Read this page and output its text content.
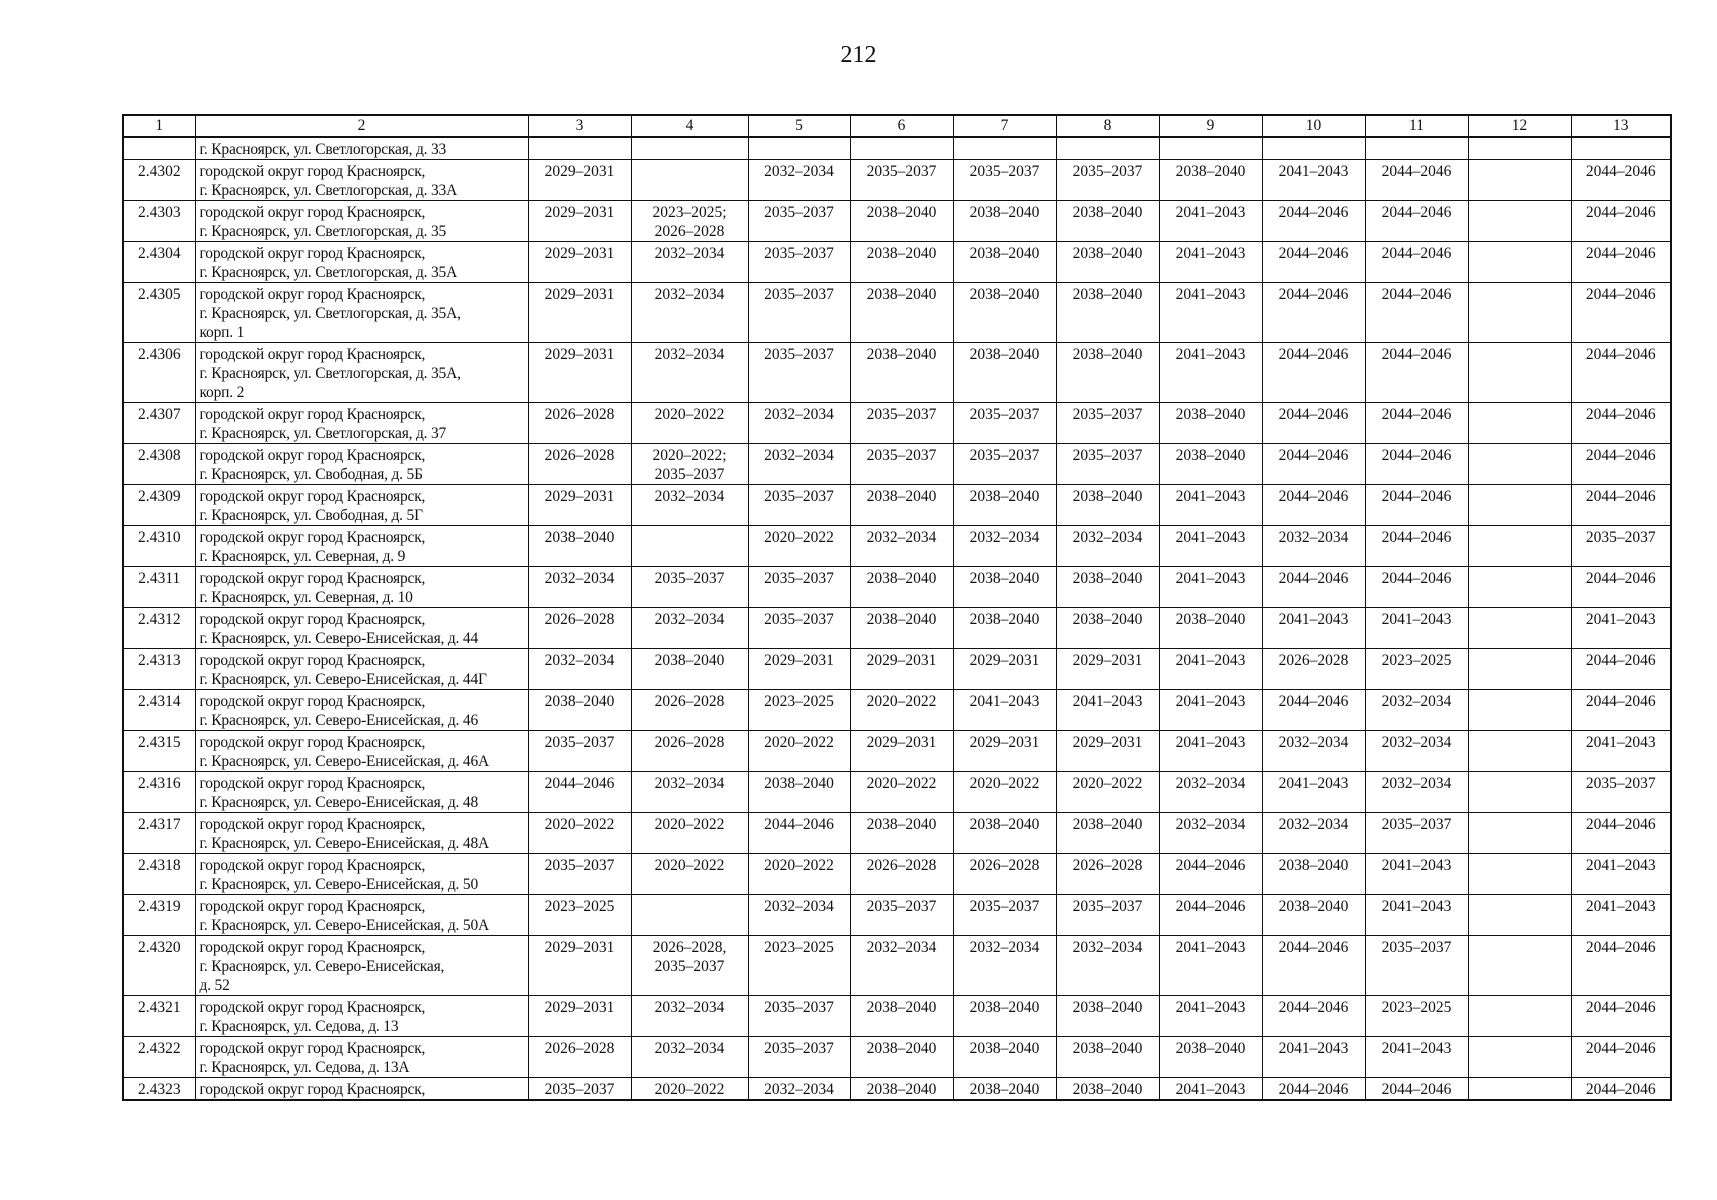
212
1	2	3	4	5	6	7	8	9	10	11	12	13
	г. Красноярск, ул. Светлогорская, д. 33											
2.4302	городской округ город Красноярск,
г. Красноярск, ул. Светлогорская, д. 33А	2029–2031		2032–2034	2035–2037	2035–2037	2035–2037	2038–2040	2041–2043	2044–2046		2044–2046
2.4303	городской округ город Красноярск,
г. Красноярск, ул. Светлогорская, д. 35	2029–2031	2023–2025;
2026–2028	2035–2037	2038–2040	2038–2040	2038–2040	2041–2043	2044–2046	2044–2046		2044–2046
2.4304	городской округ город Красноярск,
г. Красноярск, ул. Светлогорская, д. 35А	2029–2031	2032–2034	2035–2037	2038–2040	2038–2040	2038–2040	2041–2043	2044–2046	2044–2046		2044–2046
2.4305	городской округ город Красноярск,
г. Красноярск, ул. Светлогорская, д. 35А,
корп. 1	2029–2031	2032–2034	2035–2037	2038–2040	2038–2040	2038–2040	2041–2043	2044–2046	2044–2046		2044–2046
2.4306	городской округ город Красноярск,
г. Красноярск, ул. Светлогорская, д. 35А,
корп. 2	2029–2031	2032–2034	2035–2037	2038–2040	2038–2040	2038–2040	2041–2043	2044–2046	2044–2046		2044–2046
2.4307	городской округ город Красноярск,
г. Красноярск, ул. Светлогорская, д. 37	2026–2028	2020–2022	2032–2034	2035–2037	2035–2037	2035–2037	2038–2040	2044–2046	2044–2046		2044–2046
2.4308	городской округ город Красноярск,
г. Красноярск, ул. Свободная, д. 5Б	2026–2028	2020–2022;
2035–2037	2032–2034	2035–2037	2035–2037	2035–2037	2038–2040	2044–2046	2044–2046		2044–2046
2.4309	городской округ город Красноярск,
г. Красноярск, ул. Свободная, д. 5Г	2029–2031	2032–2034	2035–2037	2038–2040	2038–2040	2038–2040	2041–2043	2044–2046	2044–2046		2044–2046
2.4310	городской округ город Красноярск,
г. Красноярск, ул. Северная, д. 9	2038–2040		2020–2022	2032–2034	2032–2034	2032–2034	2041–2043	2032–2034	2044–2046		2035–2037
2.4311	городской округ город Красноярск,
г. Красноярск, ул. Северная, д. 10	2032–2034	2035–2037	2035–2037	2038–2040	2038–2040	2038–2040	2041–2043	2044–2046	2044–2046		2044–2046
2.4312	городской округ город Красноярск,
г. Красноярск, ул. Северо-Енисейская, д. 44	2026–2028	2032–2034	2035–2037	2038–2040	2038–2040	2038–2040	2038–2040	2041–2043	2041–2043		2041–2043
2.4313	городской округ город Красноярск,
г. Красноярск, ул. Северо-Енисейская, д. 44Г	2032–2034	2038–2040	2029–2031	2029–2031	2029–2031	2029–2031	2041–2043	2026–2028	2023–2025		2044–2046
2.4314	городской округ город Красноярск,
г. Красноярск, ул. Северо-Енисейская, д. 46	2038–2040	2026–2028	2023–2025	2020–2022	2041–2043	2041–2043	2041–2043	2044–2046	2032–2034		2044–2046
2.4315	городской округ город Красноярск,
г. Красноярск, ул. Северо-Енисейская, д. 46А	2035–2037	2026–2028	2020–2022	2029–2031	2029–2031	2029–2031	2041–2043	2032–2034	2032–2034		2041–2043
2.4316	городской округ город Красноярск,
г. Красноярск, ул. Северо-Енисейская, д. 48	2044–2046	2032–2034	2038–2040	2020–2022	2020–2022	2020–2022	2032–2034	2041–2043	2032–2034		2035–2037
2.4317	городской округ город Красноярск,
г. Красноярск, ул. Северо-Енисейская, д. 48А	2020–2022	2020–2022	2044–2046	2038–2040	2038–2040	2038–2040	2032–2034	2032–2034	2035–2037		2044–2046
2.4318	городской округ город Красноярск,
г. Красноярск, ул. Северо-Енисейская, д. 50	2035–2037	2020–2022	2020–2022	2026–2028	2026–2028	2026–2028	2044–2046	2038–2040	2041–2043		2041–2043
2.4319	городской округ город Красноярск,
г. Красноярск, ул. Северо-Енисейская, д. 50А	2023–2025		2032–2034	2035–2037	2035–2037	2035–2037	2044–2046	2038–2040	2041–2043		2041–2043
2.4320	городской округ город Красноярск,
г. Красноярск, ул. Северо-Енисейская,
д. 52	2029–2031	2026–2028,
2035–2037	2023–2025	2032–2034	2032–2034	2032–2034	2041–2043	2044–2046	2035–2037		2044–2046
2.4321	городской округ город Красноярск,
г. Красноярск, ул. Седова, д. 13	2029–2031	2032–2034	2035–2037	2038–2040	2038–2040	2038–2040	2041–2043	2044–2046	2023–2025		2044–2046
2.4322	городской округ город Красноярск,
г. Красноярск, ул. Седова, д. 13А	2026–2028	2032–2034	2035–2037	2038–2040	2038–2040	2038–2040	2038–2040	2041–2043	2041–2043		2044–2046
2.4323	городской округ город Красноярск,	2035–2037	2020–2022	2032–2034	2038–2040	2038–2040	2038–2040	2041–2043	2044–2046	2044–2046		2044–2046
